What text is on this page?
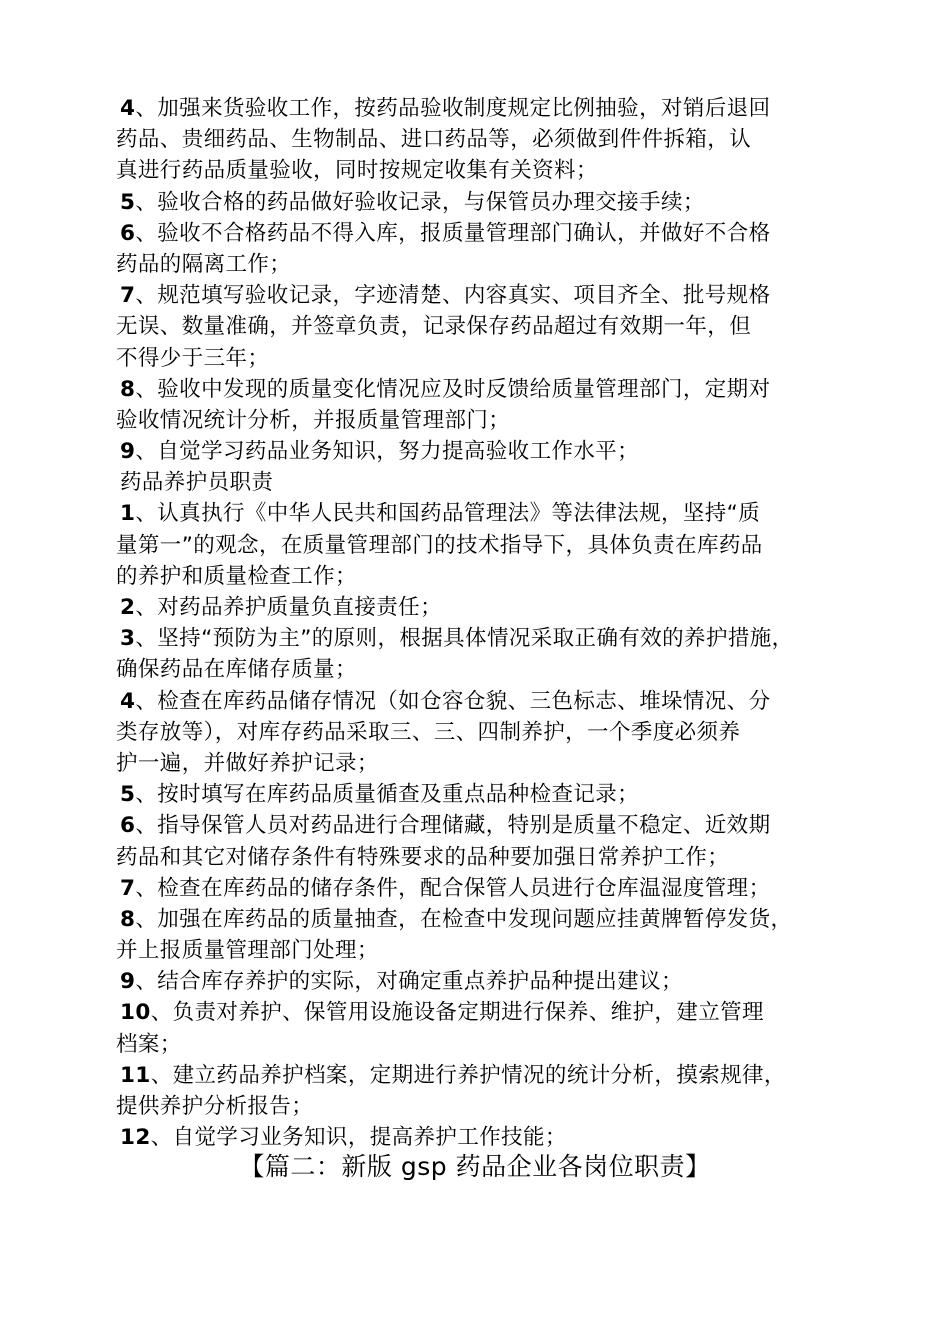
4、加强来货验收工作，按药品验收制度规定比例抽验，对销后退回
药品、贵细药品、生物制品、进口药品等，必须做到件件拆箱，认
真进行药品质量验收，同时按规定收集有关资料；
5、验收合格的药品做好验收记录，与保管员办理交接手续；
6、验收不合格药品不得入库，报质量管理部门确认，并做好不合格
药品的隔离工作；
7、规范填写验收记录，字迹清楚、内容真实、项目齐全、批号规格
无误、数量准确，并签章负责，记录保存药品超过有效期一年，但
不得少于三年；
8、验收中发现的质量变化情况应及时反馈给质量管理部门，定期对
验收情况统计分析，并报质量管理部门；
9、自觉学习药品业务知识，努力提高验收工作水平；
药品养护员职责
1、认真执行《中华人民共和国药品管理法》等法律法规，坚持“质
量第一”的观念，在质量管理部门的技术指导下，具体负责在库药品
的养护和质量检查工作；
2、对药品养护质量负直接责任；
3、坚持“预防为主”的原则，根据具体情况采取正确有效的养护措施，
确保药品在库储存质量；
4、检查在库药品储存情况（如仓容仓貌、三色标志、堆垛情况、分
类存放等），对库存药品采取三、三、四制养护，一个季度必须养
护一遍，并做好养护记录；
5、按时填写在库药品质量循查及重点品种检查记录；
6、指导保管人员对药品进行合理储藏，特别是质量不稳定、近效期
药品和其它对储存条件有特殊要求的品种要加强日常养护工作；
7、检查在库药品的储存条件，配合保管人员进行仓库温湿度管理；
8、加强在库药品的质量抽查，在检查中发现问题应挂黄牌暂停发货，
并上报质量管理部门处理；
9、结合库存养护的实际，对确定重点养护品种提出建议；
10、负责对养护、保管用设施设备定期进行保养、维护，建立管理
档案；
11、建立药品养护档案，定期进行养护情况的统计分析，摸索规律，
提供养护分析报告；
12、自觉学习业务知识，提高养护工作技能；
【篇二：新版 gsp 药品企业各岗位职责】
